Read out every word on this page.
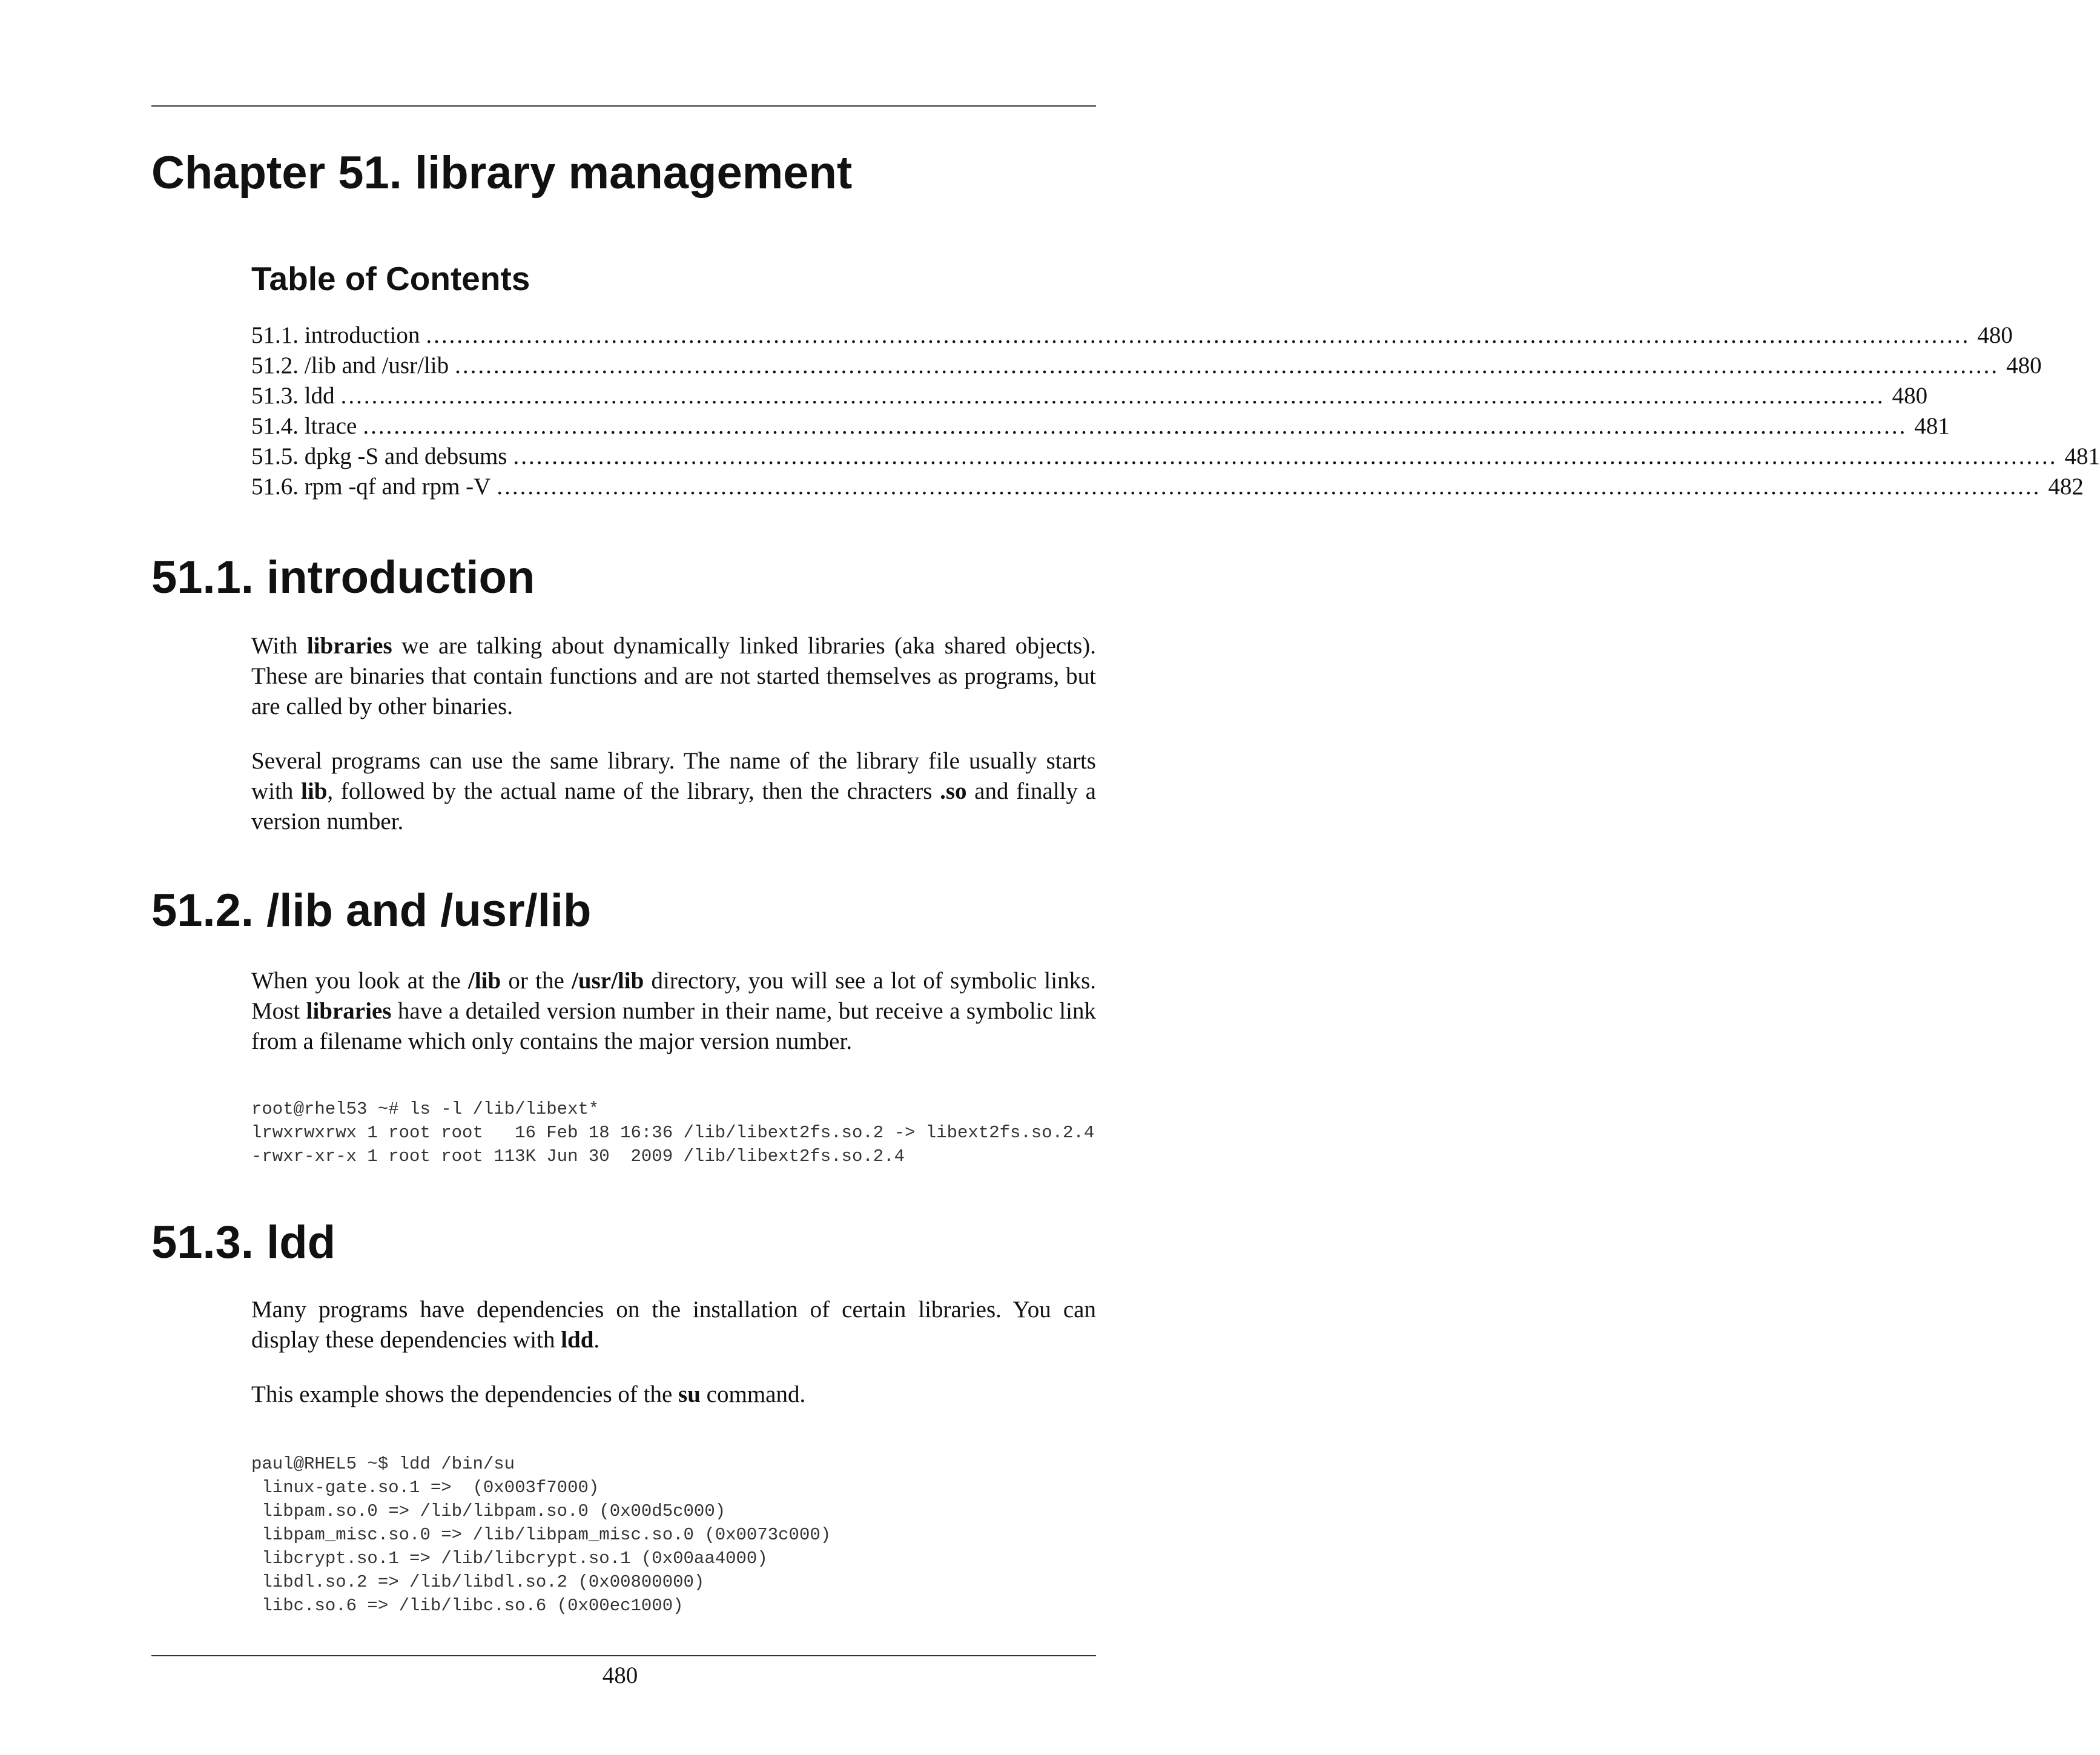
Chapter 51. library management
Table of Contents
51.1. introduction ........................................................................................................................................................................................................ 480
51.2. /lib and /usr/lib ........................................................................................................................................................................................................ 480
51.3. ldd ........................................................................................................................................................................................................ 480
51.4. ltrace ........................................................................................................................................................................................................ 481
51.5. dpkg -S and debsums ........................................................................................................................................................................................................ 481
51.6. rpm -qf and rpm -V ........................................................................................................................................................................................................ 482
51.1. introduction

With libraries we are talking about dynamically linked libraries (aka shared objects). These are binaries that contain functions and are not started themselves as programs, but are called by other binaries.

Several programs can use the same library. The name of the library file usually starts with lib, followed by the actual name of the library, then the chracters .so and finally a version number.

51.2. /lib and /usr/lib

When you look at the /lib or the /usr/lib directory, you will see a lot of symbolic links. Most libraries have a detailed version number in their name, but receive a symbolic link from a filename which only contains the major version number.

root@rhel53 ~# ls -l /lib/libext*
lrwxrwxrwx 1 root root   16 Feb 18 16:36 /lib/libext2fs.so.2 -> libext2fs.so.2.4
-rwxr-xr-x 1 root root 113K Jun 30  2009 /lib/libext2fs.so.2.4
51.3. ldd

Many programs have dependencies on the installation of certain libraries. You can display these dependencies with ldd.

This example shows the dependencies of the su command.

paul@RHEL5 ~$ ldd /bin/su
linux-gate.so.1 =>  (0x003f7000)
libpam.so.0 => /lib/libpam.so.0 (0x00d5c000)
libpam_misc.so.0 => /lib/libpam_misc.so.0 (0x0073c000)
libcrypt.so.1 => /lib/libcrypt.so.1 (0x00aa4000)
libdl.so.2 => /lib/libdl.so.2 (0x00800000)
libc.so.6 => /lib/libc.so.6 (0x00ec1000)
480
